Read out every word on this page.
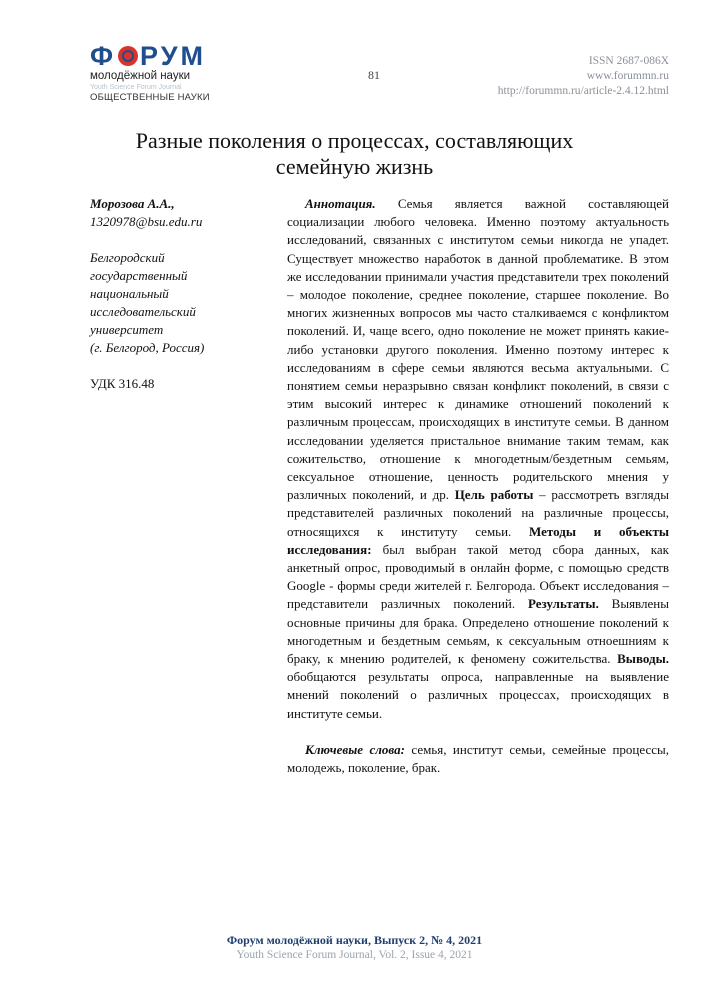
Ф РУМ
молодёжной науки
Youth Science Forum Journal
ОБЩЕСТВЕННЫЕ НАУКИ
81
ISSN 2687-086X
www.forummn.ru
http://forummn.ru/article-2.4.12.html
Разные поколения о процессах, составляющих
семейную жизнь
Морозова А.А.,
1320978@bsu.edu.ru
Белгородский
государственный
национальный
исследовательский
университет
(г. Белгород, Россия)
УДК 316.48

Аннотация. Семья является важной составляющей социализации любого человека. Именно поэтому актуальность исследований, связанных с институтом семьи никогда не упадет. Существует множество наработок в данной проблематике. В этом же исследовании принимали участия представители трех поколений – молодое поколение, среднее поколение, старшее поколение. Во многих жизненных вопросов мы часто сталкиваемся с конфликтом поколений. И, чаще всего, одно поколение не может принять какие-либо установки другого поколения. Именно поэтому интерес к исследованиям в сфере семьи являются весьма актуальными. С понятием семьи неразрывно связан конфликт поколений, в связи с этим высокий интерес к динамике отношений поколений к различным процессам, происходящих в институте семьи. В данном исследовании уделяется пристальное внимание таким темам, как сожительство, отношение к многодетным/бездетным семьям, сексуальное отношение, ценность родительского мнения у различных поколений, и др. Цель работы – рассмотреть взгляды представителей различных поколений на различные процессы, относящихся к институту семьи. Методы и объекты исследования: был выбран такой метод сбора данных, как анкетный опрос, проводимый в онлайн форме, с помощью средств Google - формы среди жителей г. Белгорода. Объект исследования – представители различных поколений. Результаты. Выявлены основные причины для брака. Определено отношение поколений к многодетным и бездетным семьям, к сексуальным отноешниям к браку, к мнению родителей, к феномену сожительства. Выводы. обобщаются результаты опроса, направленные на выявление мнений поколений о различных процессах, происходящих в институте семьи.

Ключевые слова: семья, институт семьи, семейные процессы, молодежь, поколение, брак.

Форум молодёжной науки, Выпуск 2, № 4, 2021
Youth Science Forum Journal, Vol. 2, Issue 4, 2021
